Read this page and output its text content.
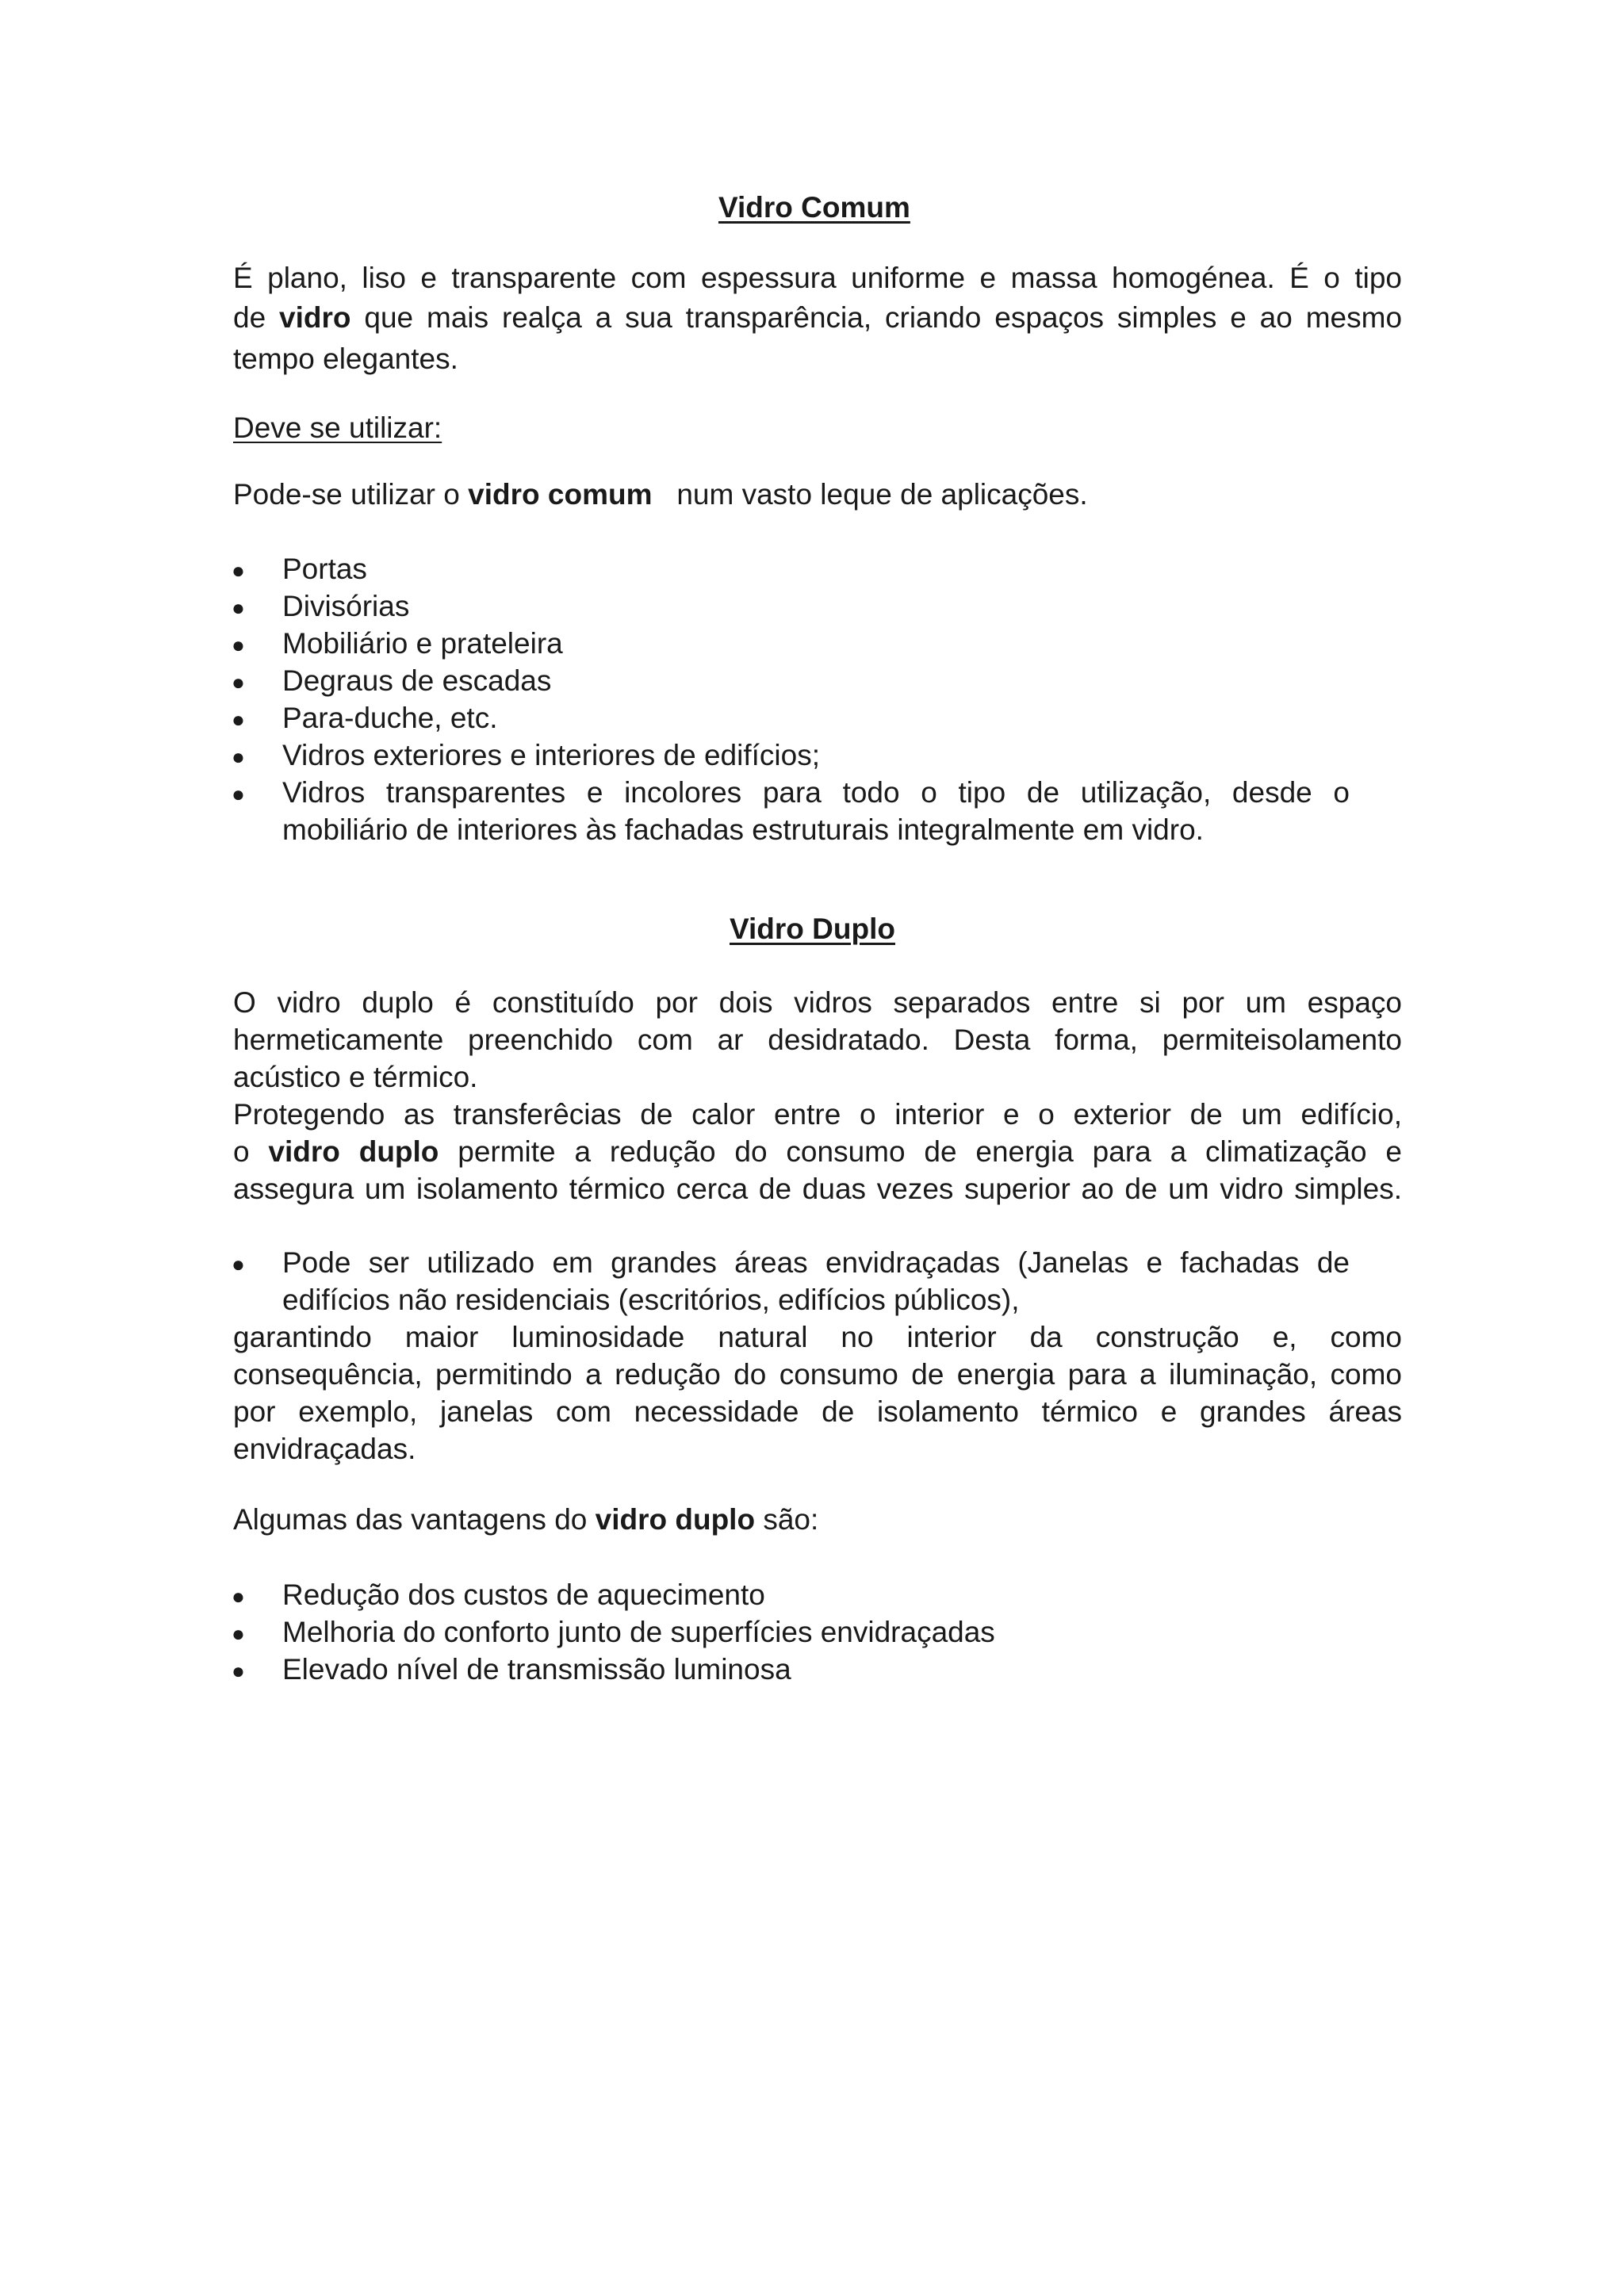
Vidro Comum
É plano, liso e transparente com espessura uniforme e massa homogénea. É o tipo
de vidro que mais realça a sua transparência, criando espaços simples e ao mesmo
tempo elegantes.
Deve se utilizar:
Pode-se utilizar o vidro comum num vasto leque de aplicações.
● Portas
● Divisórias
● Mobiliário e prateleira
● Degraus de escadas
● Para-duche, etc.
● Vidros exteriores e interiores de edifícios;
● Vidros transparentes e incolores para todo o tipo de utilização, desde o
mobiliário de interiores às fachadas estruturais integralmente em vidro.
Vidro Duplo
O vidro duplo é constituído por dois vidros separados entre si por um espaço
hermeticamente preenchido com ar desidratado. Desta forma, permiteisolamento
acústico e térmico.
Protegendo as transferêcias de calor entre o interior e o exterior de um edifício,
o vidro duplo permite a redução do consumo de energia para a climatização e
assegura um isolamento térmico cerca de duas vezes superior ao de um vidro simples.
● Pode ser utilizado em grandes áreas envidraçadas (Janelas e fachadas de
edifícios não residenciais (escritórios, edifícios públicos),
garantindo maior luminosidade natural no interior da construção e, como
consequência, permitindo a redução do consumo de energia para a iluminação, como
por exemplo, janelas com necessidade de isolamento térmico e grandes áreas
envidraçadas.
Algumas das vantagens do vidro duplo são:
● Redução dos custos de aquecimento
● Melhoria do conforto junto de superfícies envidraçadas
● Elevado nível de transmissão luminosa
